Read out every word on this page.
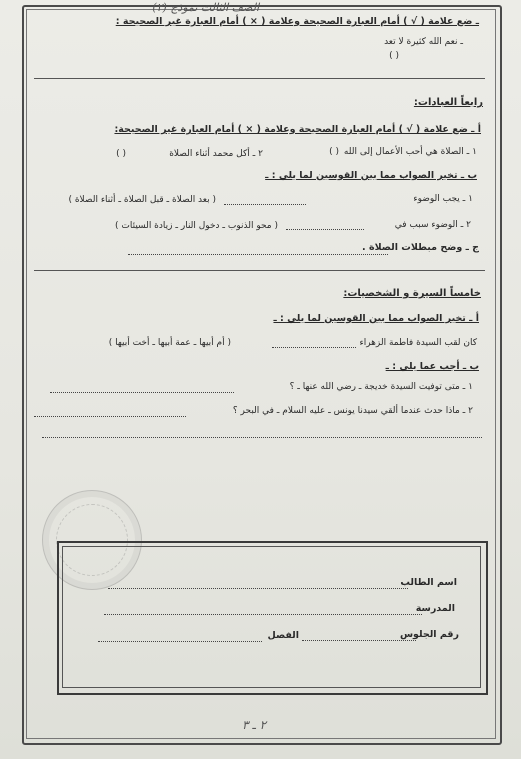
الصف الثالث نموذج (٢)
ـ ضع علامة ( √ ) أمام العبارة الصحيحة وعلامة ( × ) أمام العبارة غير الصحيحة :
ـ نعم الله كثيرة لا تعد
( )
رابعاً العبادات:
أ ـ ضع علامة ( √ ) أمام العبارة الصحيحة وعلامة ( × ) أمام العبارة غير الصحيحة:
١ ـ الصلاة هي أحب الأعمال إلى الله
( )
٢ ـ أكل محمد أثناء الصلاة
( )
ب ـ تخير الصواب مما بين القوسين لما يلي : ـ
١ ـ يجب الوضوء
( بعد الصلاة ـ قبل الصلاة ـ أثناء الصلاة )
٢ ـ الوضوء سبب في
( محو الذنوب ـ دخول النار ـ زيادة السيئات )
ج ـ وضح مبطلات الصلاة .
خامساً السيرة و الشخصيات:
أ ـ تخير الصواب مما بين القوسين لما يلي : ـ
كان لقب السيدة فاطمة الزهراء
( أم أبيها ـ عمة أبيها ـ أخت أبيها )
ب ـ أجب عما يلي : ـ
١ ـ متى توفيت السيدة خديجة ـ رضي الله عنها ـ ؟
٢ ـ ماذا حدث عندما ألقي سيدنا يونس ـ عليه السلام ـ في البحر ؟
اسم الطالب
المدرسة
رقم الجلوس
الفصل
٢ ـ ٣
